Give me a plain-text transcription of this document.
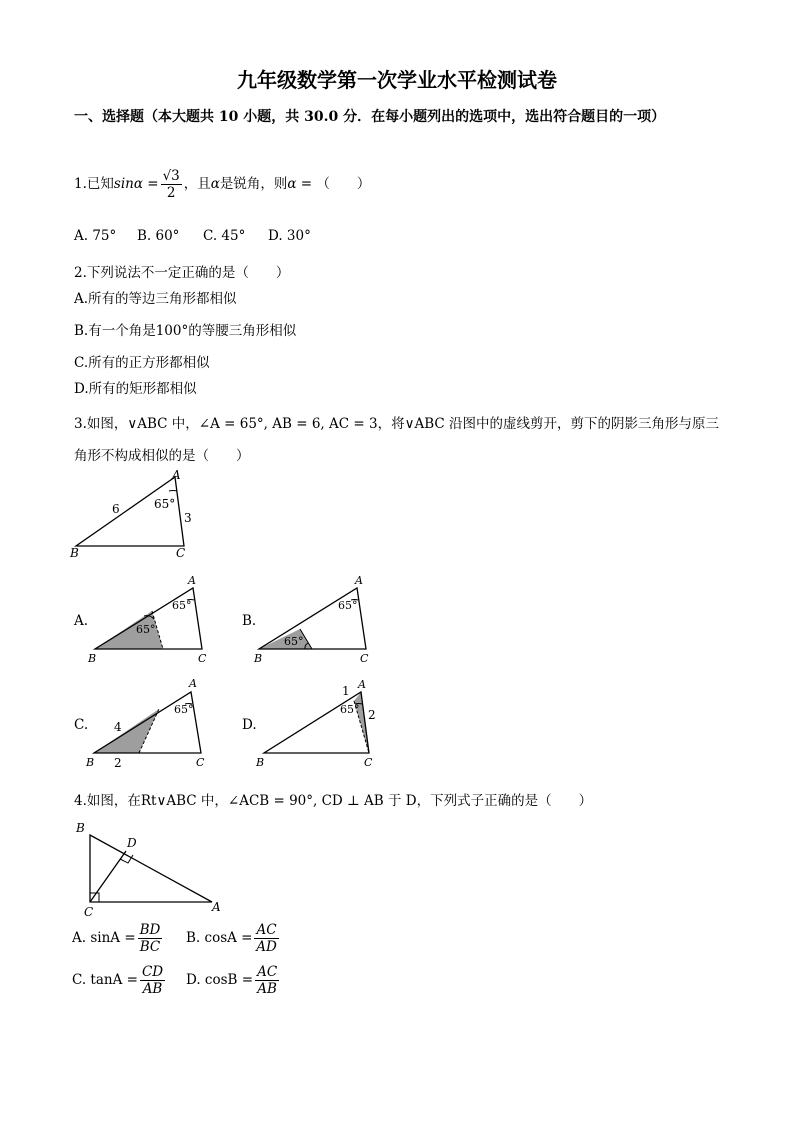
九年级数学第一次学业水平检测试卷
一、选择题（本大题共 10 小题，共 30.0 分．在每小题列出的选项中，选出符合题目的一项）
1.已知$\sin\alpha = \frac{√3}{2}$ ，且α是锐角，则α = （　　）
A. 75° B. 60° C. 45° D. 30°
2.下列说法不一定正确的是（　　）
A.所有的等边三角形都相似
B.有一个角是100°的等腰三角形相似
C.所有的正方形都相似
D.所有的矩形都相似
3.如图，∨ABC 中，∠A = 65°, AB = 6, AC = 3，将∨ABC 沿图中的虚线剪开，剪下的阴影三角形与原三
角形不构成相似的是（　　）
A
B	C
6
3
65°
A.
A
B	C
65°
65°
B.
A
B	C
65°
65°
C.
A
B	C
65°
4
2
D.
A
B	C
65°
1
2
4.如图，在Rt∨ABC 中，∠ACB = 90°, CD ⊥ AB 于 D，下列式子正确的是（　　）
B
C	A
D
A. $\sin A = \frac{BD}{BC} B$. $\cos A = \frac{AC}{AD}$
C. $\tan A = \frac{CD}{AB} D$. $\cos B = \frac{AC}{AB}$
